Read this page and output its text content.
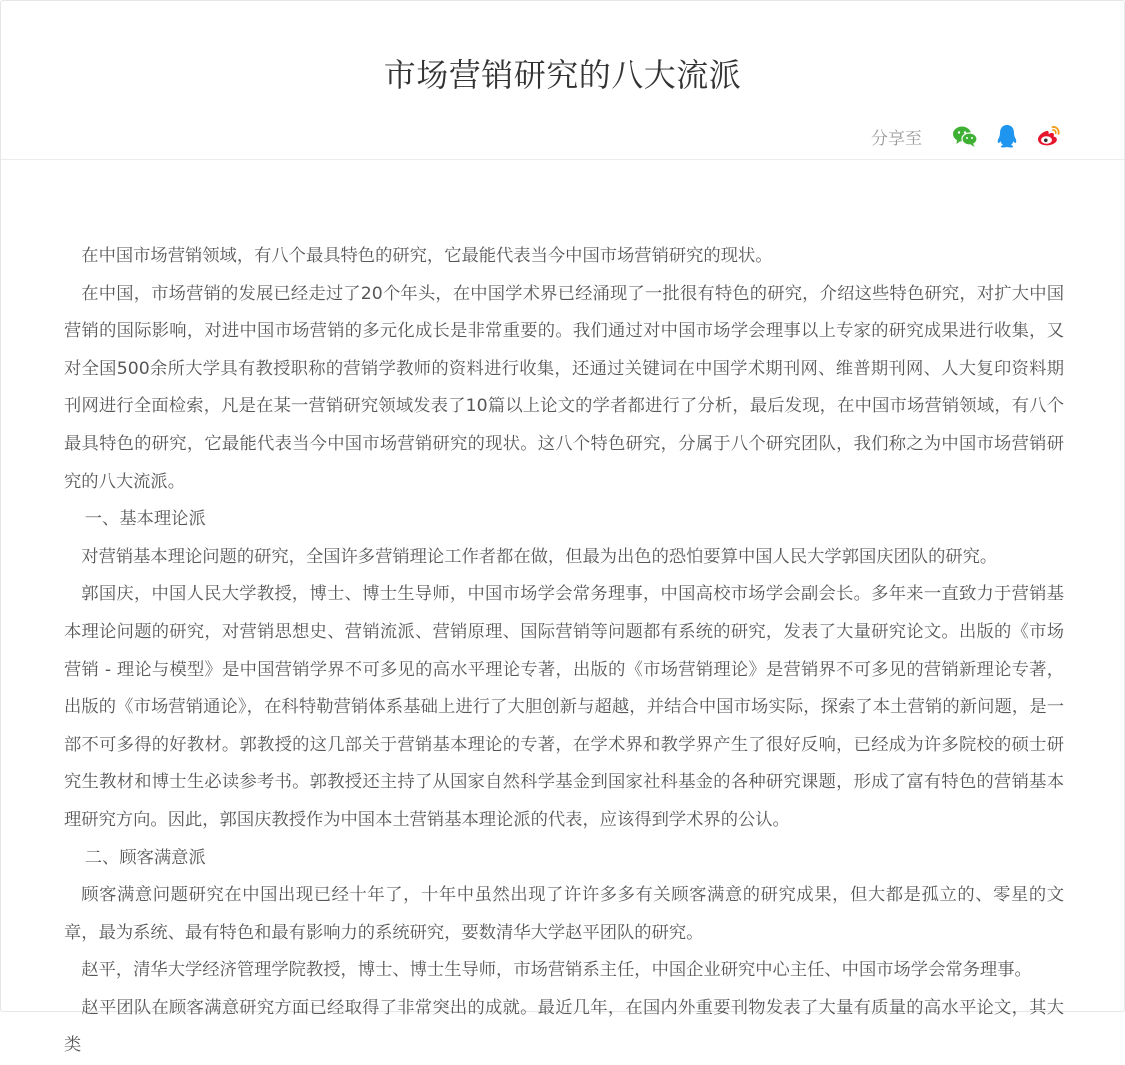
市场营销研究的八大流派
分享至

在中国市场营销领域，有八个最具特色的研究，它最能代表当今中国市场营销研究的现状。

在中国，市场营销的发展已经走过了20个年头，在中国学术界已经涌现了一批很有特色的研究，介绍这些特色研究，对扩大中国营销的国际影响，对进中国市场营销的多元化成长是非常重要的。我们通过对中国市场学会理事以上专家的研究成果进行收集，又对全国500余所大学具有教授职称的营销学教师的资料进行收集，还通过关键词在中国学术期刊网、维普期刊网、人大复印资料期刊网进行全面检索，凡是在某一营销研究领域发表了10篇以上论文的学者都进行了分析，最后发现，在中国市场营销领域，有八个最具特色的研究，它最能代表当今中国市场营销研究的现状。这八个特色研究，分属于八个研究团队，我们称之为中国市场营销研究的八大流派。

一、基本理论派

对营销基本理论问题的研究，全国许多营销理论工作者都在做，但最为出色的恐怕要算中国人民大学郭国庆团队的研究。

郭国庆，中国人民大学教授，博士、博士生导师，中国市场学会常务理事，中国高校市场学会副会长。多年来一直致力于营销基本理论问题的研究，对营销思想史、营销流派、营销原理、国际营销等问题都有系统的研究，发表了大量研究论文。出版的《市场营销 - 理论与模型》是中国营销学界不可多见的高水平理论专著，出版的《市场营销理论》是营销界不可多见的营销新理论专著，出版的《市场营销通论》，在科特勒营销体系基础上进行了大胆创新与超越，并结合中国市场实际，探索了本土营销的新问题，是一部不可多得的好教材。郭教授的这几部关于营销基本理论的专著，在学术界和教学界产生了很好反响，已经成为许多院校的硕士研究生教材和博士生必读参考书。郭教授还主持了从国家自然科学基金到国家社科基金的各种研究课题，形成了富有特色的营销基本理研究方向。因此，郭国庆教授作为中国本土营销基本理论派的代表，应该得到学术界的公认。

二、顾客满意派

顾客满意问题研究在中国出现已经十年了，十年中虽然出现了许许多多有关顾客满意的研究成果，但大都是孤立的、零星的文章，最为系统、最有特色和最有影响力的系统研究，要数清华大学赵平团队的研究。

赵平，清华大学经济管理学院教授，博士、博士生导师，市场营销系主任，中国企业研究中心主任、中国市场学会常务理事。

赵平团队在顾客满意研究方面已经取得了非常突出的成就。最近几年，在国内外重要刊物发表了大量有质量的高水平论文，其大类
